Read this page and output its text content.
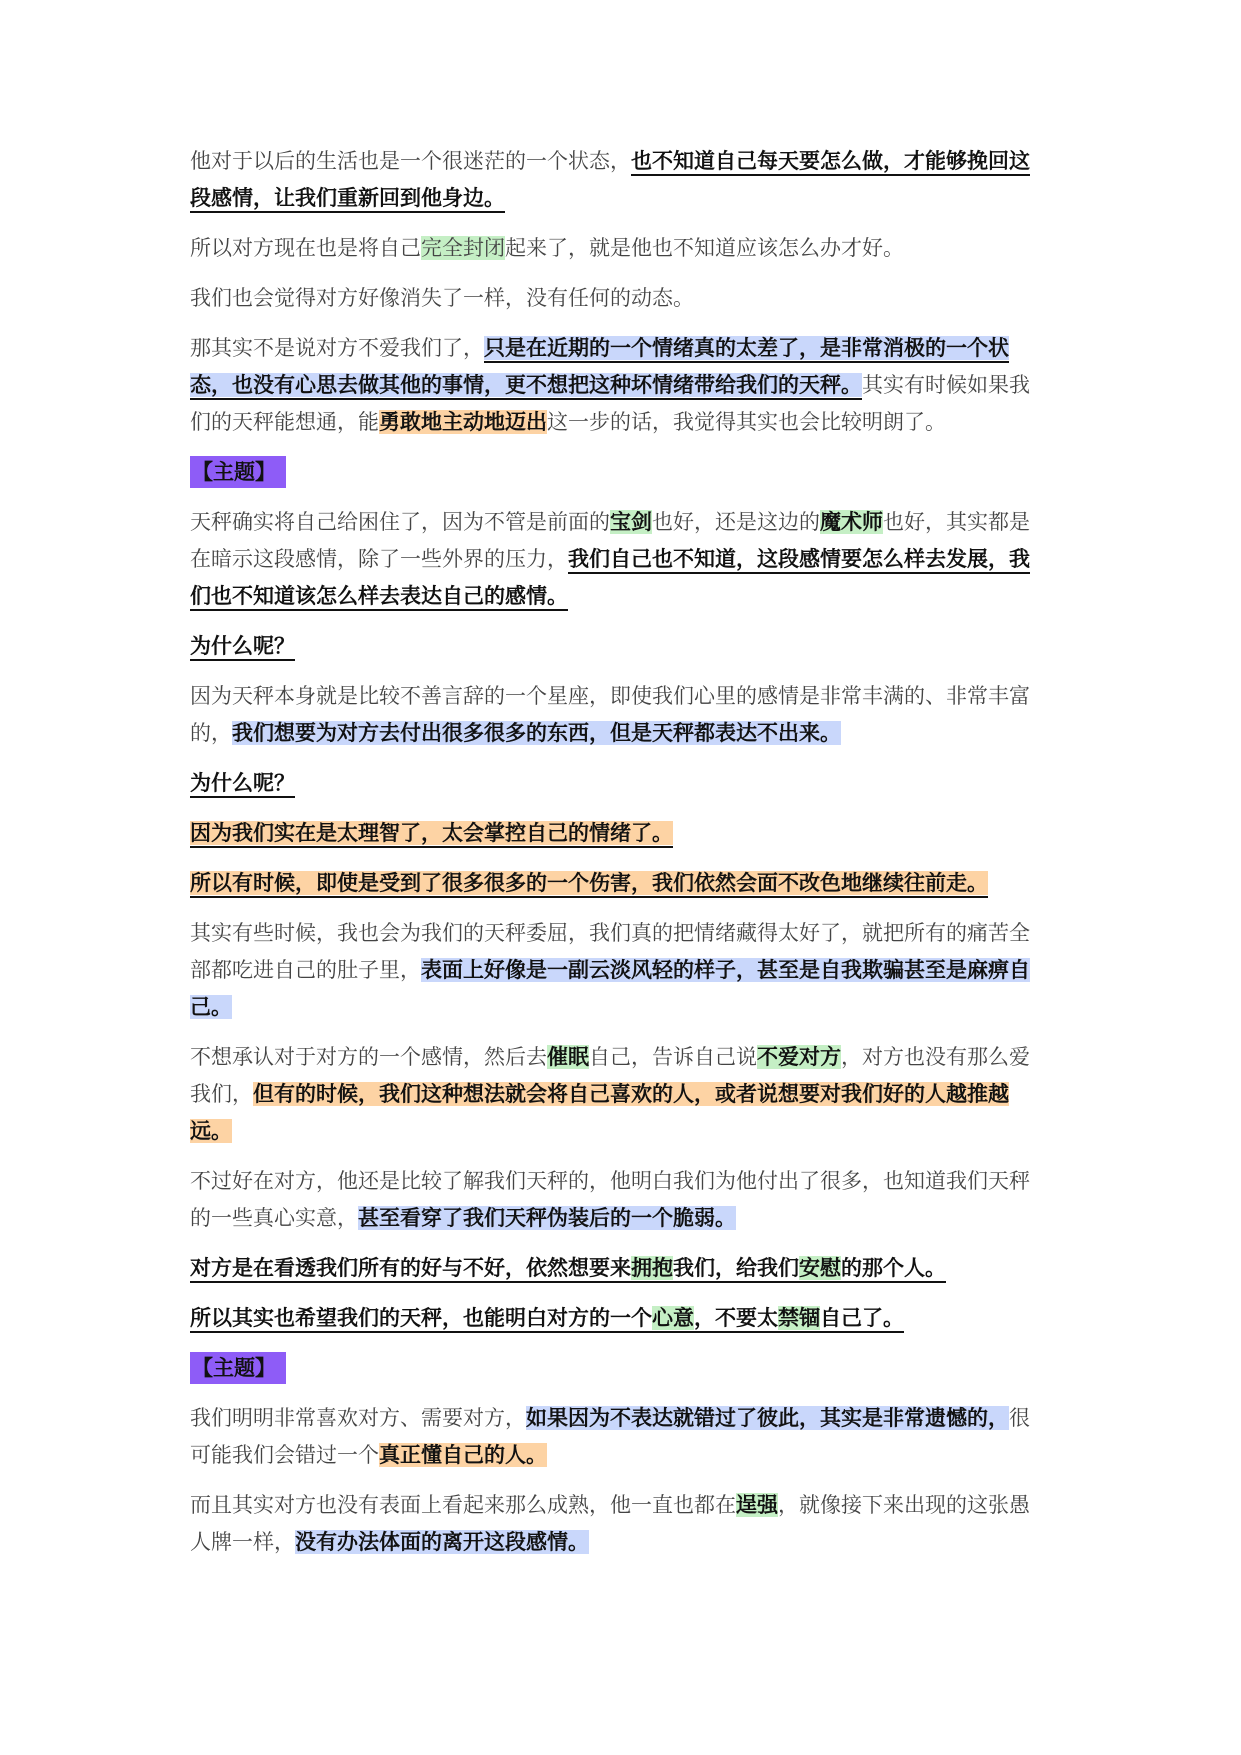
他对于以后的生活也是一个很迷茫的一个状态，也不知道自己每天要怎么做，才能够挽回这段感情，让我们重新回到他身边。
所以对方现在也是将自己完全封闭起来了，就是他也不知道应该怎么办才好。
我们也会觉得对方好像消失了一样，没有任何的动态。
那其实不是说对方不爱我们了，只是在近期的一个情绪真的太差了，是非常消极的一个状态，也没有心思去做其他的事情，更不想把这种坏情绪带给我们的天秤。其实有时候如果我们的天秤能想通，能勇敢地主动地迈出这一步的话，我觉得其实也会比较明朗了。
【主题】
天秤确实将自己给困住了，因为不管是前面的宝剑也好，还是这边的魔术师也好，其实都是在暗示这段感情，除了一些外界的压力，我们自己也不知道，这段感情要怎么样去发展，我们也不知道该怎么样去表达自己的感情。
为什么呢？
因为天秤本身就是比较不善言辞的一个星座，即使我们心里的感情是非常丰满的、非常丰富的，我们想要为对方去付出很多很多的东西，但是天秤都表达不出来。
为什么呢？
因为我们实在是太理智了，太会掌控自己的情绪了。
所以有时候，即使是受到了很多很多的一个伤害，我们依然会面不改色地继续往前走。
其实有些时候，我也会为我们的天秤委屈，我们真的把情绪藏得太好了，就把所有的痛苦全部都吃进自己的肚子里，表面上好像是一副云淡风轻的样子，甚至是自我欺骗甚至是麻痹自己。
不想承认对于对方的一个感情，然后去催眠自己，告诉自己说不爱对方，对方也没有那么爱我们，但有的时候，我们这种想法就会将自己喜欢的人，或者说想要对我们好的人越推越远。
不过好在对方，他还是比较了解我们天秤的，他明白我们为他付出了很多，也知道我们天秤的一些真心实意，甚至看穿了我们天秤伪装后的一个脆弱。
对方是在看透我们所有的好与不好，依然想要来拥抱我们，给我们安慰的那个人。
所以其实也希望我们的天秤，也能明白对方的一个心意，不要太禁锢自己了。
【主题】
我们明明非常喜欢对方、需要对方，如果因为不表达就错过了彼此，其实是非常遗憾的，很可能我们会错过一个真正懂自己的人。
而且其实对方也没有表面上看起来那么成熟，他一直也都在逞强，就像接下来出现的这张愚人牌一样，没有办法体面的离开这段感情。
